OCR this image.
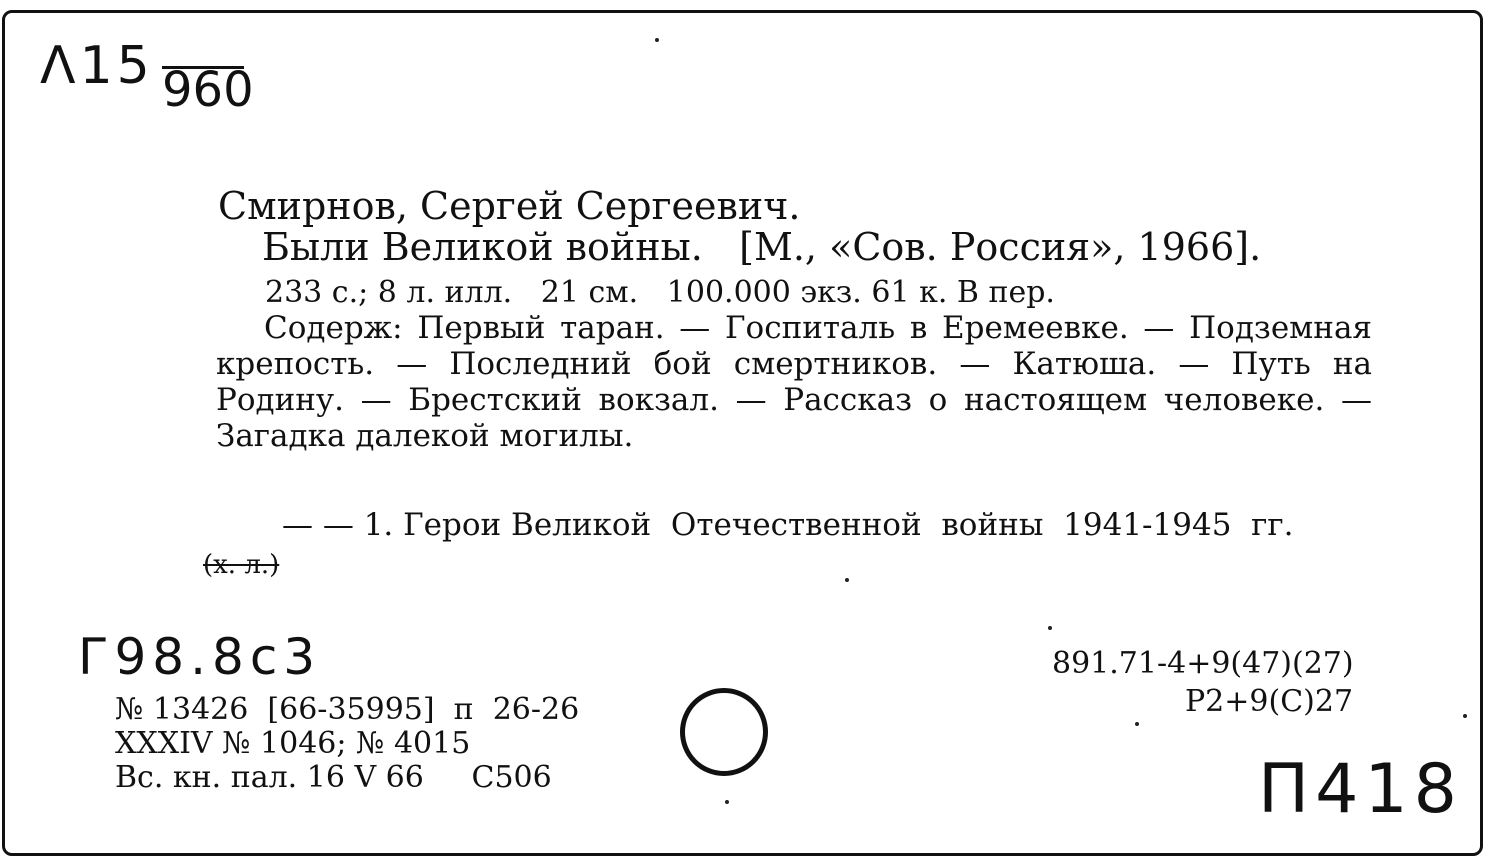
Λ15 960
Смирнов, Сергей Сергеевич.
Были Великой войны.   [М., «Сов. Россия», 1966].
233 с.; 8 л. илл.   21 см.   100.000 экз. 61 к. В пер.
Содерж: Первый таран. — Госпиталь в Еремеевке. — Подземная крепость. — Последний бой смертников. — Катюша. — Путь на Родину. — Брестский вокзал. — Рассказ о настоящем человеке. — Загадка далекой могилы.
— — 1. Герои Великой  Отечественной  войны  1941-1945  гг.
(х. л.)
Г98.8с3	891.71-4+9(47)(27)
Р2+9(С)27
№ 13426  [66-35995]  п  26-26
XXXIV № 1046; № 4015
Вс. кн. пал. 16 V 66     С506	П418
